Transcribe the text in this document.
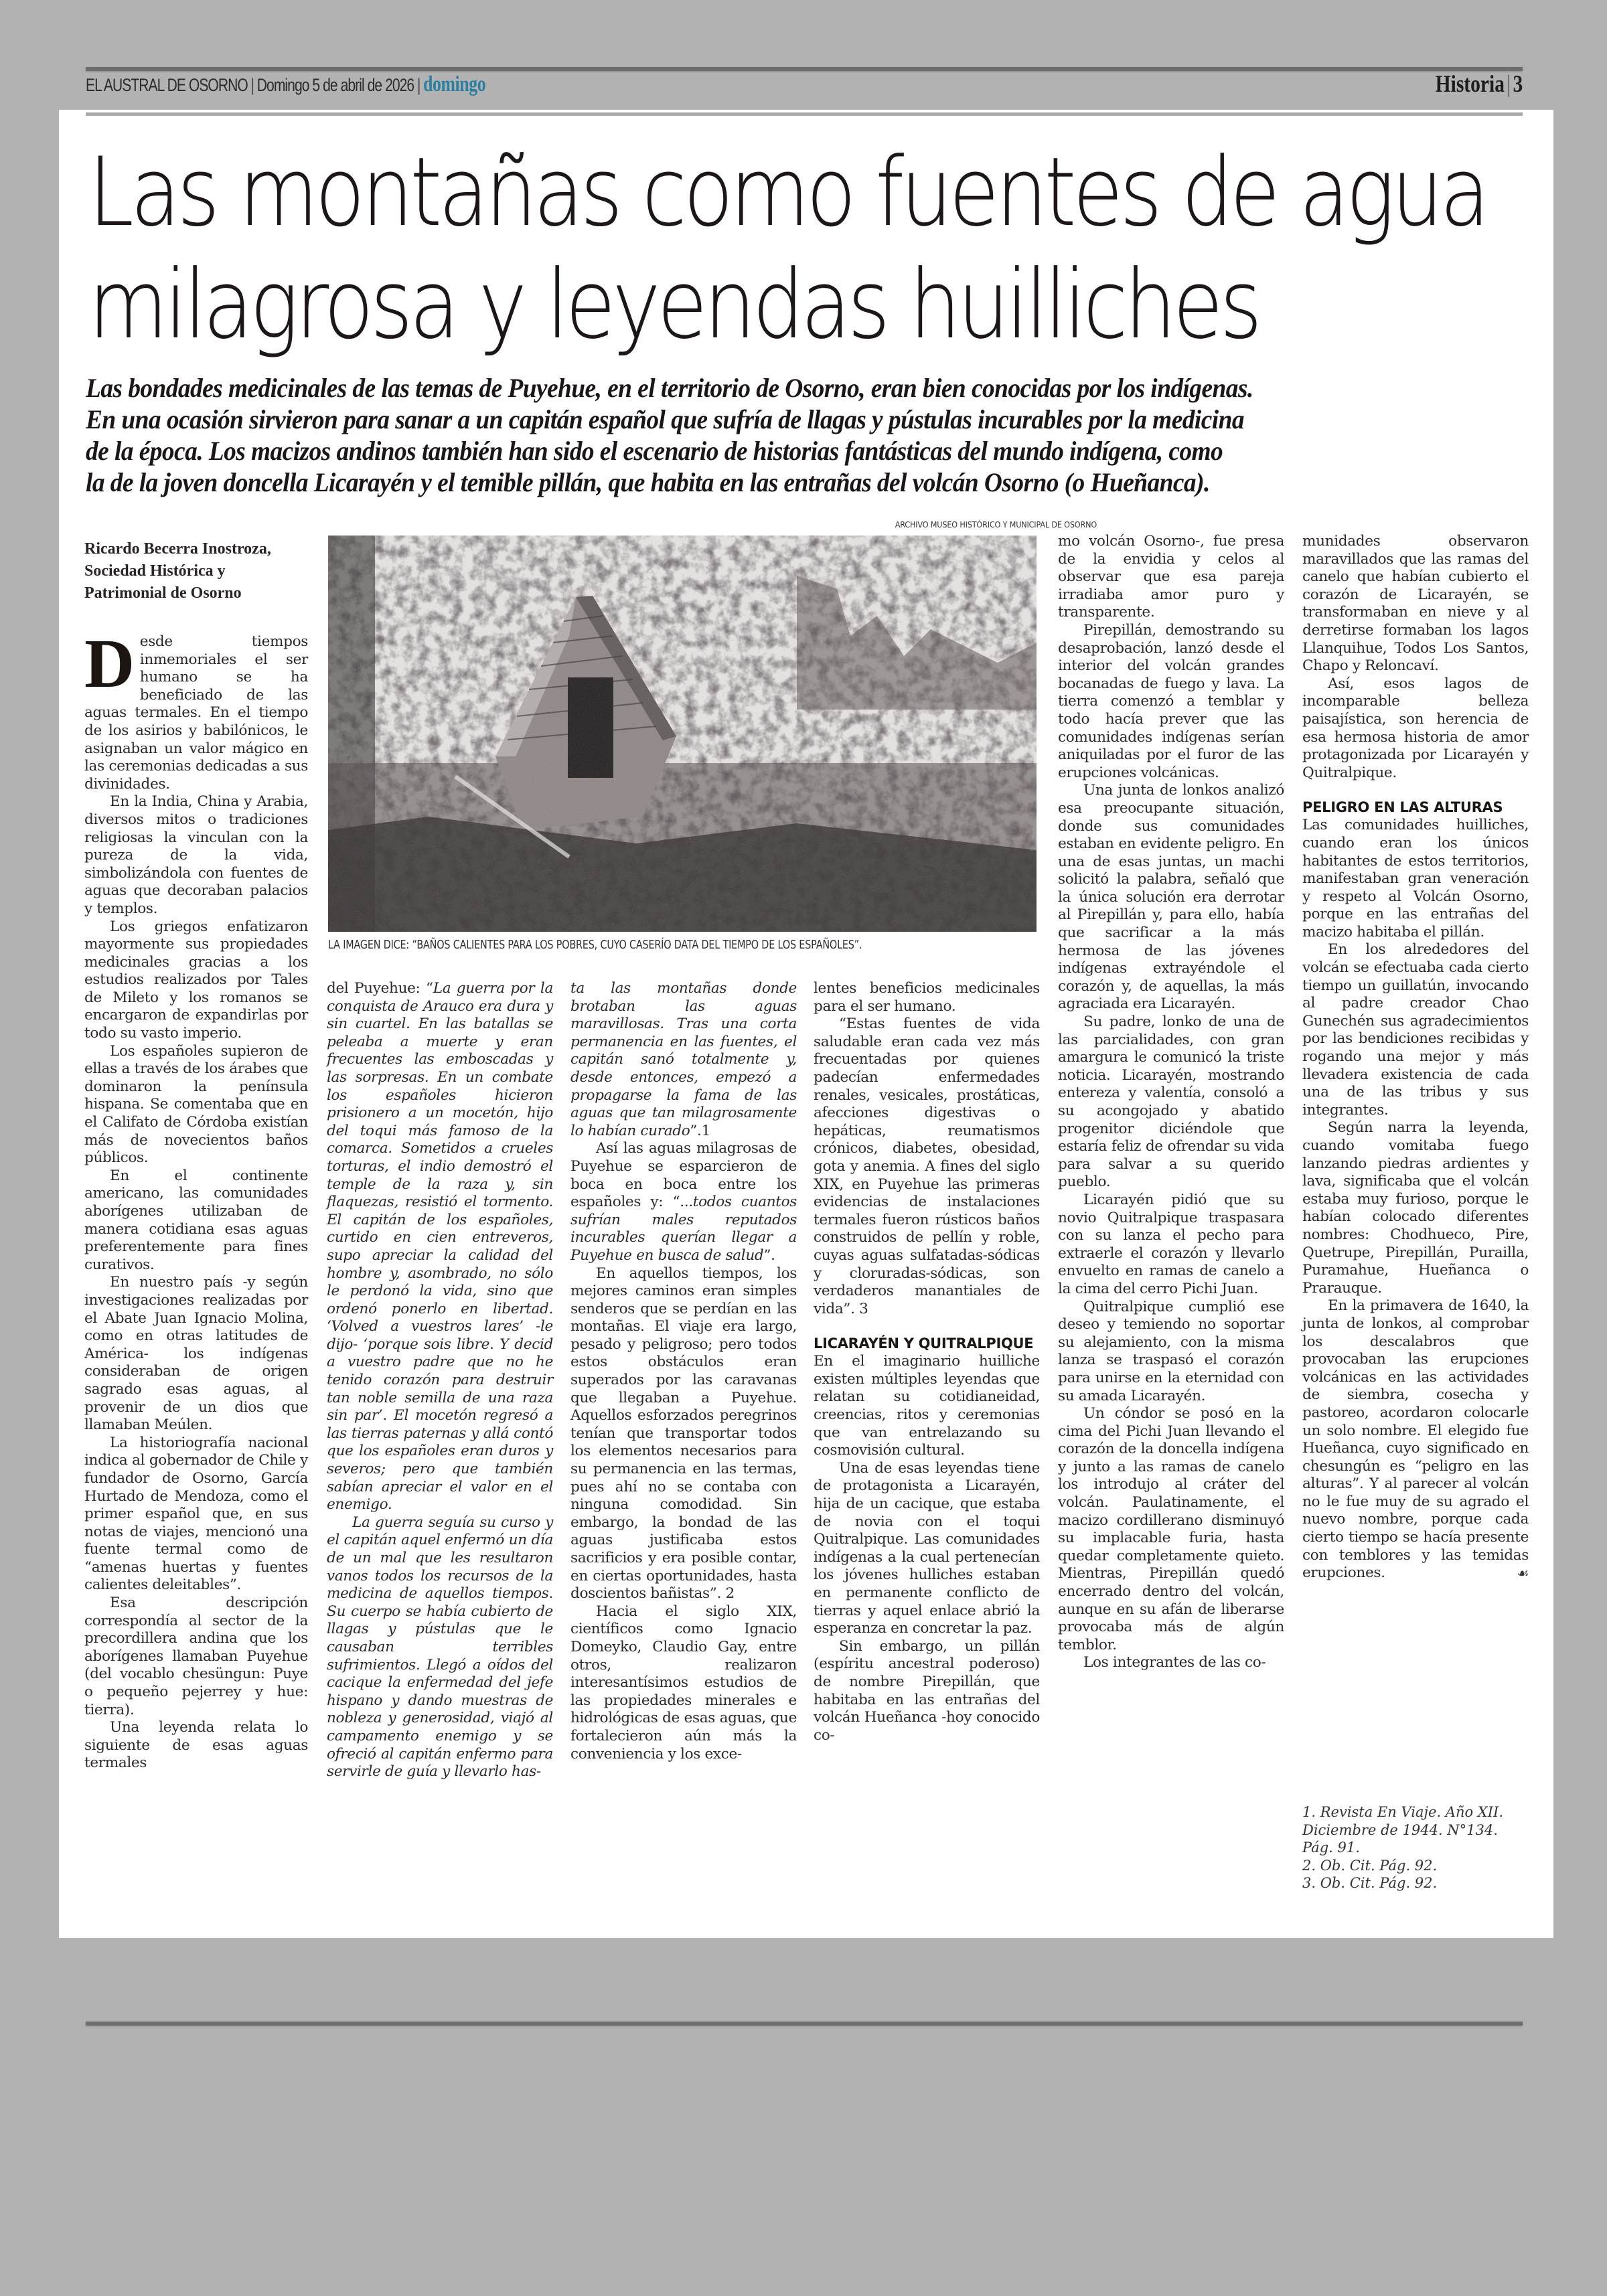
EL AUSTRAL DE OSORNO | Domingo 5 de abril de 2026 | domingo	Historia|3
Las montañas como fuentes de agua
milagrosa y leyendas huilliches
Las bondades medicinales de las temas de Puyehue, en el territorio de Osorno, eran bien conocidas por los indígenas.
En una ocasión sirvieron para sanar a un capitán español que sufría de llagas y pústulas incurables por la medicina
de la época. Los macizos andinos también han sido el escenario de historias fantásticas del mundo indígena, como
la de la joven doncella Licarayén y el temible pillán, que habita en las entrañas del volcán Osorno (o Hueñanca).
Ricardo Becerra Inostroza,
Sociedad Histórica y
Patrimonial de Osorno
ARCHIVO MUSEO HISTÓRICO Y MUNICIPAL DE OSORNO
LA IMAGEN DICE: “BAÑOS CALIENTES PARA LOS POBRES, CUYO CASERÍO DATA DEL TIEMPO DE LOS ESPAÑOLES”.

Desde tiempos inmemoriales el ser humano se ha beneficiado de las aguas termales. En el tiempo de los asirios y babilónicos, le asignaban un valor mágico en las ceremonias dedicadas a sus divinidades.

En la India, China y Arabia, diversos mitos o tradiciones religiosas la vinculan con la pureza de la vida, simbolizándola con fuentes de aguas que decoraban palacios y templos.

Los griegos enfatizaron mayormente sus propiedades medicinales gracias a los estudios realizados por Tales de Mileto y los romanos se encargaron de expandirlas por todo su vasto imperio.

Los españoles supieron de ellas a través de los árabes que dominaron la península hispana. Se comentaba que en el Califato de Córdoba existían más de novecientos baños públicos.

En el continente americano, las comunidades aborígenes utilizaban de manera cotidiana esas aguas preferentemente para fines curativos.

En nuestro país -y según investigaciones realizadas por el Abate Juan Ignacio Molina, como en otras latitudes de América- los indígenas consideraban de origen sagrado esas aguas, al provenir de un dios que llamaban Meúlen.

La historiografía nacional indica al gobernador de Chile y fundador de Osorno, García Hurtado de Mendoza, como el primer español que, en sus notas de viajes, mencionó una fuente termal como de “amenas huertas y fuentes calientes deleitables”.

Esa descripción correspondía al sector de la precordillera andina que los aborígenes llamaban Puyehue (del vocablo chesüngun: Puye o pequeño pejerrey y hue: tierra).

Una leyenda relata lo siguiente de esas aguas termales

del Puyehue: “La guerra por la conquista de Arauco era dura y sin cuartel. En las batallas se peleaba a muerte y eran frecuentes las emboscadas y las sorpresas. En un combate los españoles hicieron prisionero a un mocetón, hijo del toqui más famoso de la comarca. Sometidos a crueles torturas, el indio demostró el temple de la raza y, sin flaquezas, resistió el tormento. El capitán de los españoles, curtido en cien entreveros, supo apreciar la calidad del hombre y, asombrado, no sólo le perdonó la vida, sino que ordenó ponerlo en libertad. ‘Volved a vuestros lares’ -le dijo- ‘porque sois libre. Y decid a vuestro padre que no he tenido corazón para destruir tan noble semilla de una raza sin par’. El mocetón regresó a las tierras paternas y allá contó que los españoles eran duros y severos; pero que también sabían apreciar el valor en el enemigo.

La guerra seguía su curso y el capitán aquel enfermó un día de un mal que les resultaron vanos todos los recursos de la medicina de aquellos tiempos. Su cuerpo se había cubierto de llagas y pústulas que le causaban terribles sufrimientos. Llegó a oídos del cacique la enfermedad del jefe hispano y dando muestras de nobleza y generosidad, viajó al campamento enemigo y se ofreció al capitán enfermo para servirle de guía y llevarlo has-

ta las montañas donde brotaban las aguas maravillosas. Tras una corta permanencia en las fuentes, el capitán sanó totalmente y, desde entonces, empezó a propagarse la fama de las aguas que tan milagrosamente lo habían curado”.1

Así las aguas milagrosas de Puyehue se esparcieron de boca en boca entre los españoles y: “...todos cuantos sufrían males reputados incurables querían llegar a Puyehue en busca de salud”.

En aquellos tiempos, los mejores caminos eran simples senderos que se perdían en las montañas. El viaje era largo, pesado y peligroso; pero todos estos obstáculos eran superados por las caravanas que llegaban a Puyehue. Aquellos esforzados peregrinos tenían que transportar todos los elementos necesarios para su permanencia en las termas, pues ahí no se contaba con ninguna comodidad. Sin embargo, la bondad de las aguas justificaba estos sacrificios y era posible contar, en ciertas oportunidades, hasta doscientos bañistas”. 2

Hacia el siglo XIX, científicos como Ignacio Domeyko, Claudio Gay, entre otros, realizaron interesantísimos estudios de las propiedades minerales e hidrológicas de esas aguas, que fortalecieron aún más la conveniencia y los exce-

lentes beneficios medicinales para el ser humano.

“Estas fuentes de vida saludable eran cada vez más frecuentadas por quienes padecían enfermedades renales, vesicales, prostáticas, afecciones digestivas o hepáticas, reumatismos crónicos, diabetes, obesidad, gota y anemia. A fines del siglo XIX, en Puyehue las primeras evidencias de instalaciones termales fueron rústicos baños construidos de pellín y roble, cuyas aguas sulfatadas-sódicas y cloruradas-sódicas, son verdaderos manantiales de vida”. 3

LICARAYÉN Y QUITRALPIQUE

En el imaginario huilliche existen múltiples leyendas que relatan su cotidianeidad, creencias, ritos y ceremonias que van entrelazando su cosmovisión cultural.

Una de esas leyendas tiene de protagonista a Licarayén, hija de un cacique, que estaba de novia con el toqui Quitralpique. Las comunidades indígenas a la cual pertenecían los jóvenes hulliches estaban en permanente conflicto de tierras y aquel enlace abrió la esperanza en concretar la paz.

Sin embargo, un pillán (espíritu ancestral poderoso) de nombre Pirepillán, que habitaba en las entrañas del volcán Hueñanca -hoy conocido co-

mo volcán Osorno-, fue presa de la envidia y celos al observar que esa pareja irradiaba amor puro y transparente.

Pirepillán, demostrando su desaprobación, lanzó desde el interior del volcán grandes bocanadas de fuego y lava. La tierra comenzó a temblar y todo hacía prever que las comunidades indígenas serían aniquiladas por el furor de las erupciones volcánicas.

Una junta de lonkos analizó esa preocupante situación, donde sus comunidades estaban en evidente peligro. En una de esas juntas, un machi solicitó la palabra, señaló que la única solución era derrotar al Pirepillán y, para ello, había que sacrificar a la más hermosa de las jóvenes indígenas extrayéndole el corazón y, de aquellas, la más agraciada era Licarayén.

Su padre, lonko de una de las parcialidades, con gran amargura le comunicó la triste noticia. Licarayén, mostrando entereza y valentía, consoló a su acongojado y abatido progenitor diciéndole que estaría feliz de ofrendar su vida para salvar a su querido pueblo.

Licarayén pidió que su novio Quitralpique traspasara con su lanza el pecho para extraerle el corazón y llevarlo envuelto en ramas de canelo a la cima del cerro Pichi Juan.

Quitralpique cumplió ese deseo y temiendo no soportar su alejamiento, con la misma lanza se traspasó el corazón para unirse en la eternidad con su amada Licarayén.

Un cóndor se posó en la cima del Pichi Juan llevando el corazón de la doncella indígena y junto a las ramas de canelo los introdujo al cráter del volcán. Paulatinamente, el macizo cordillerano disminuyó su implacable furia, hasta quedar completamente quieto. Mientras, Pirepillán quedó encerrado dentro del volcán, aunque en su afán de liberarse provocaba más de algún temblor.

Los integrantes de las co-

munidades observaron maravillados que las ramas del canelo que habían cubierto el corazón de Licarayén, se transformaban en nieve y al derretirse formaban los lagos Llanquihue, Todos Los Santos, Chapo y Reloncaví.

Así, esos lagos de incomparable belleza paisajística, son herencia de esa hermosa historia de amor protagonizada por Licarayén y Quitralpique.

PELIGRO EN LAS ALTURAS

Las comunidades huilliches, cuando eran los únicos habitantes de estos territorios, manifestaban gran veneración y respeto al Volcán Osorno, porque en las entrañas del macizo habitaba el pillán.

En los alrededores del volcán se efectuaba cada cierto tiempo un guillatún, invocando al padre creador Chao Gunechén sus agradecimientos por las bendiciones recibidas y rogando una mejor y más llevadera existencia de cada una de las tribus y sus integrantes.

Según narra la leyenda, cuando vomitaba fuego lanzando piedras ardientes y lava, significaba que el volcán estaba muy furioso, porque le habían colocado diferentes nombres: Chodhueco, Pire, Quetrupe, Pirepillán, Puraillа, Puramahue, Hueñanca o Prarauque.

En la primavera de 1640, la junta de lonkos, al comprobar los descalabros que provocaban las erupciones volcánicas en las actividades de siembra, cosecha y pastoreo, acordaron colocarle un solo nombre. El elegido fue Hueñanca, cuyo significado en chesungún es “peligro en las alturas”. Y al parecer al volcán no le fue muy de su agrado el nuevo nombre, porque cada cierto tiempo se hacía presente con temblores y las temidas erupciones.	☙

1. Revista En Viaje. Año XII. Diciembre de 1944. N°134. Pág. 91.
2. Ob. Cit. Pág. 92.
3. Ob. Cit. Pág. 92.
